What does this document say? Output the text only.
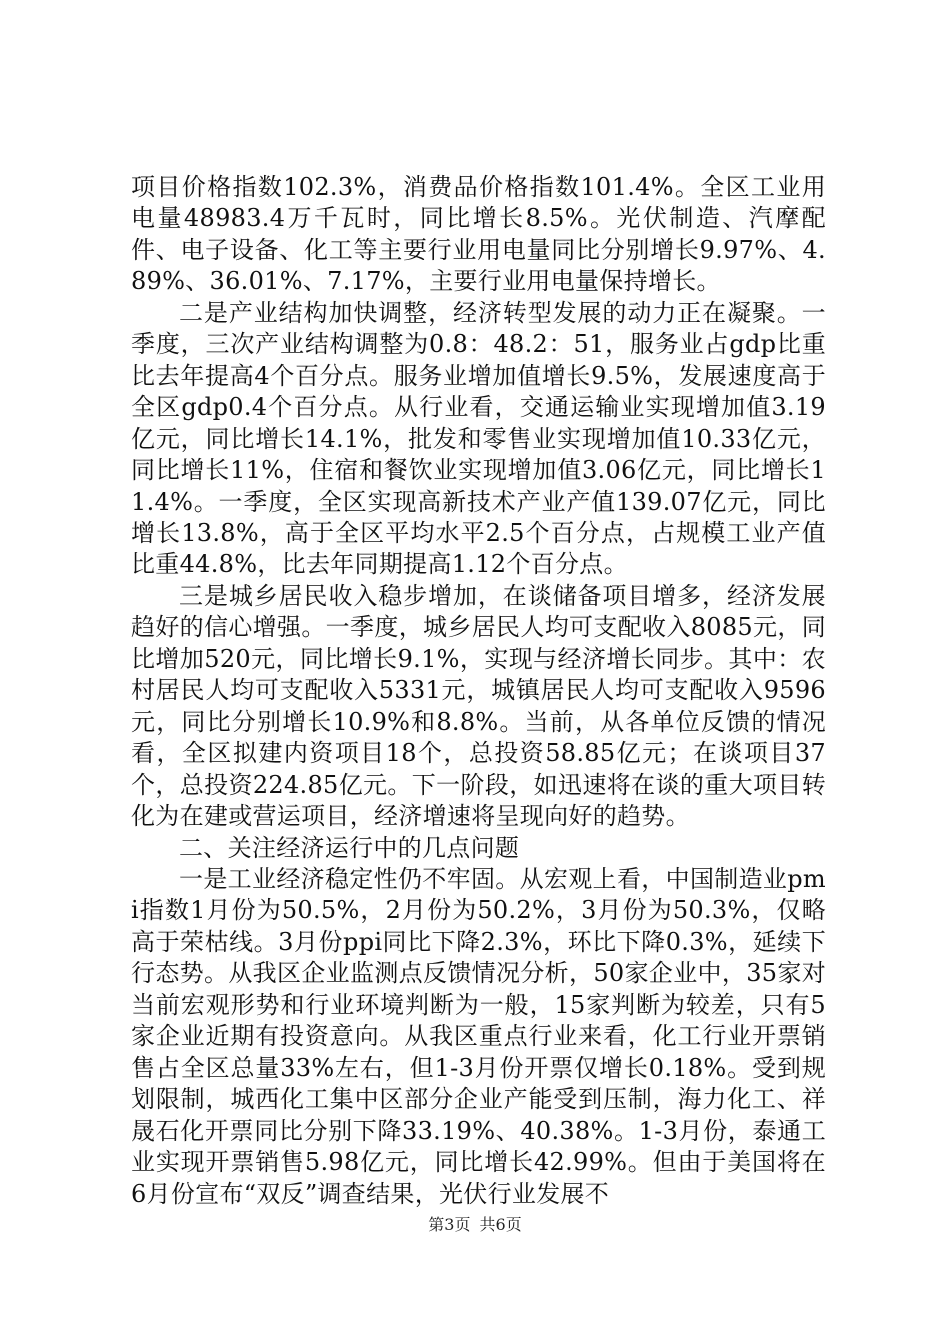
项目价格指数102.3%，消费品价格指数101.4%。全区工业用电量48983.4万千瓦时，同比增长8.5%。光伏制造、汽摩配件、电子设备、化工等主要行业用电量同比分别增长9.97%、4.89%、36.01%、7.17%，主要行业用电量保持增长。

二是产业结构加快调整，经济转型发展的动力正在凝聚。一季度，三次产业结构调整为0.8：48.2：51，服务业占gdp比重比去年提高4个百分点。服务业增加值增长9.5%，发展速度高于全区gdp0.4个百分点。从行业看，交通运输业实现增加值3.19亿元，同比增长14.1%，批发和零售业实现增加值10.33亿元，同比增长11%，住宿和餐饮业实现增加值3.06亿元，同比增长11.4%。一季度，全区实现高新技术产业产值139.07亿元，同比增长13.8%，高于全区平均水平2.5个百分点，占规模工业产值比重44.8%，比去年同期提高1.12个百分点。

三是城乡居民收入稳步增加，在谈储备项目增多，经济发展趋好的信心增强。一季度，城乡居民人均可支配收入8085元，同比增加520元，同比增长9.1%，实现与经济增长同步。其中：农村居民人均可支配收入5331元，城镇居民人均可支配收入9596元，同比分别增长10.9%和8.8%。当前，从各单位反馈的情况看，全区拟建内资项目18个，总投资58.85亿元；在谈项目37个，总投资224.85亿元。下一阶段，如迅速将在谈的重大项目转化为在建或营运项目，经济增速将呈现向好的趋势。

二、关注经济运行中的几点问题

一是工业经济稳定性仍不牢固。从宏观上看，中国制造业pmi指数1月份为50.5%，2月份为50.2%，3月份为50.3%，仅略高于荣枯线。3月份ppi同比下降2.3%，环比下降0.3%，延续下行态势。从我区企业监测点反馈情况分析，50家企业中，35家对当前宏观形势和行业环境判断为一般，15家判断为较差，只有5家企业近期有投资意向。从我区重点行业来看，化工行业开票销售占全区总量33%左右，但1-3月份开票仅增长0.18%。受到规划限制，城西化工集中区部分企业产能受到压制，海力化工、祥晟石化开票同比分别下降33.19%、40.38%。1-3月份，泰通工业实现开票销售5.98亿元，同比增长42.99%。但由于美国将在6月份宣布“双反”调查结果，光伏行业发展不

第3页 共6页
